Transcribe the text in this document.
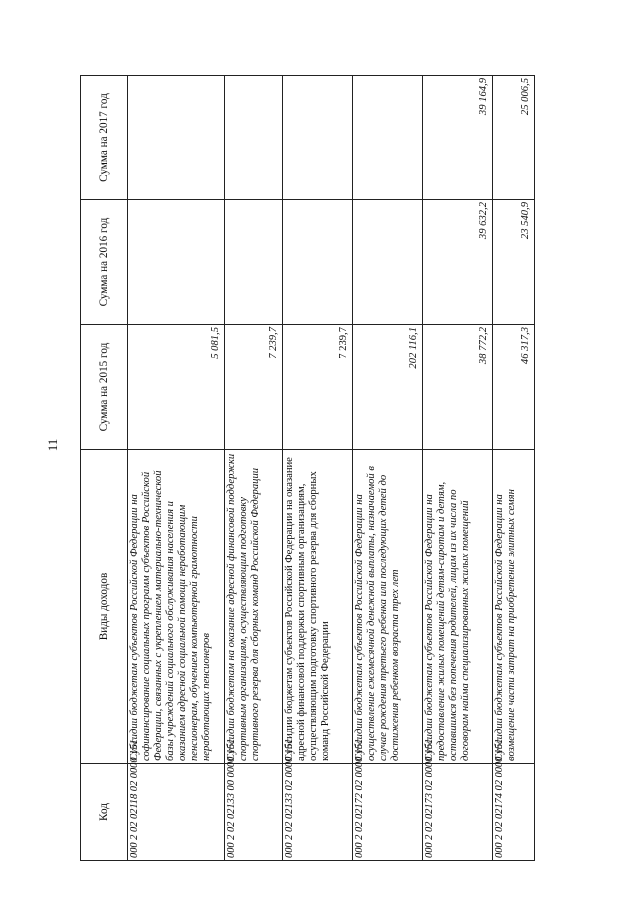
11
Код	Виды доходов	Сумма на 2015 год	Сумма на 2016 год	Сумма на 2017 год
000 2 02 02118 02 0000 151	Субсидии бюджетам субъектов Российской Федерации на софинансирование социальных программ субъектов Российской Федерации, связанных с укреплением материально-технической базы учреждений социального обслуживания населения и оказанием адресной социальной помощи неработающим пенсионерам, обучением компьютерной грамотности неработающих пенсионеров	5 081,5		
000 2 02 02133 00 0000 151	Субсидии бюджетам на оказание адресной финансовой поддержки спортивным организациям, осуществляющим подготовку спортивного резерва для сборных команд Российской Федерации	7 239,7		
000 2 02 02133 02 0000 151	Субсидии бюджетам субъектов Российской Федерации на оказание адресной финансовой поддержки спортивным организациям, осуществляющим подготовку спортивного резерва для сборных команд Российской Федерации	7 239,7		
000 2 02 02172 02 0000 151	Субсидии бюджетам субъектов Российской Федерации на осуществление ежемесячной денежной выплаты, назначаемой в случае рождения третьего ребенка или последующих детей до достижения ребенком возраста трех лет	202 116,1		
000 2 02 02173 02 0000 151	Субсидии бюджетам субъектов Российской Федерации на предоставление жилых помещений детям-сиротам и детям, оставшимся без попечения родителей, лицам из их числа по договорам найма специализированных жилых помещений	38 772,2	39 632,2	39 164,9
000 2 02 02174 02 0000 151	Субсидии бюджетам субъектов Российской Федерации на возмещение части затрат на приобретение элитных семян	46 317,3	23 540,9	25 006,5
